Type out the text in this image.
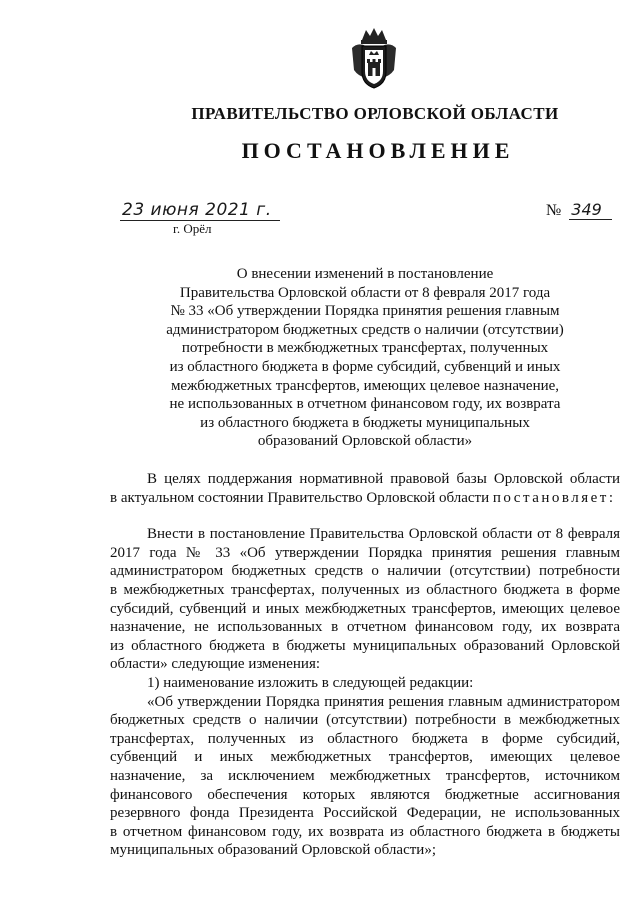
ПРАВИТЕЛЬСТВО ОРЛОВСКОЙ ОБЛАСТИ
ПОСТАНОВЛЕНИЕ
23 июня 2021 г.
г. Орёл
№ 349
О внесении изменений в постановление
Правительства Орловской области от 8 февраля 2017 года
№ 33 «Об утверждении Порядка принятия решения главным
администратором бюджетных средств о наличии (отсутствии)
потребности в межбюджетных трансфертах, полученных
из областного бюджета в форме субсидий, субвенций и иных
межбюджетных трансфертов, имеющих целевое назначение,
не использованных в отчетном финансовом году, их возврата
из областного бюджета в бюджеты муниципальных
образований Орловской области»
В целях поддержания нормативной правовой базы Орловской области
в актуальном состоянии Правительство Орловской области постановляет:
Внести в постановление Правительства Орловской области от 8 февраля
2017 года № 33 «Об утверждении Порядка принятия решения главным
администратором бюджетных средств о наличии (отсутствии) потребности
в межбюджетных трансфертах, полученных из областного бюджета в форме
субсидий, субвенций и иных межбюджетных трансфертов, имеющих целевое
назначение, не использованных в отчетном финансовом году, их возврата
из областного бюджета в бюджеты муниципальных образований Орловской
области» следующие изменения:
1) наименование изложить в следующей редакции:
«Об утверждении Порядка принятия решения главным администратором
бюджетных средств о наличии (отсутствии) потребности в межбюджетных
трансфертах, полученных из областного бюджета в форме субсидий,
субвенций и иных межбюджетных трансфертов, имеющих целевое
назначение, за исключением межбюджетных трансфертов, источником
финансового обеспечения которых являются бюджетные ассигнования
резервного фонда Президента Российской Федерации, не использованных
в отчетном финансовом году, их возврата из областного бюджета в бюджеты
муниципальных образований Орловской области»;
